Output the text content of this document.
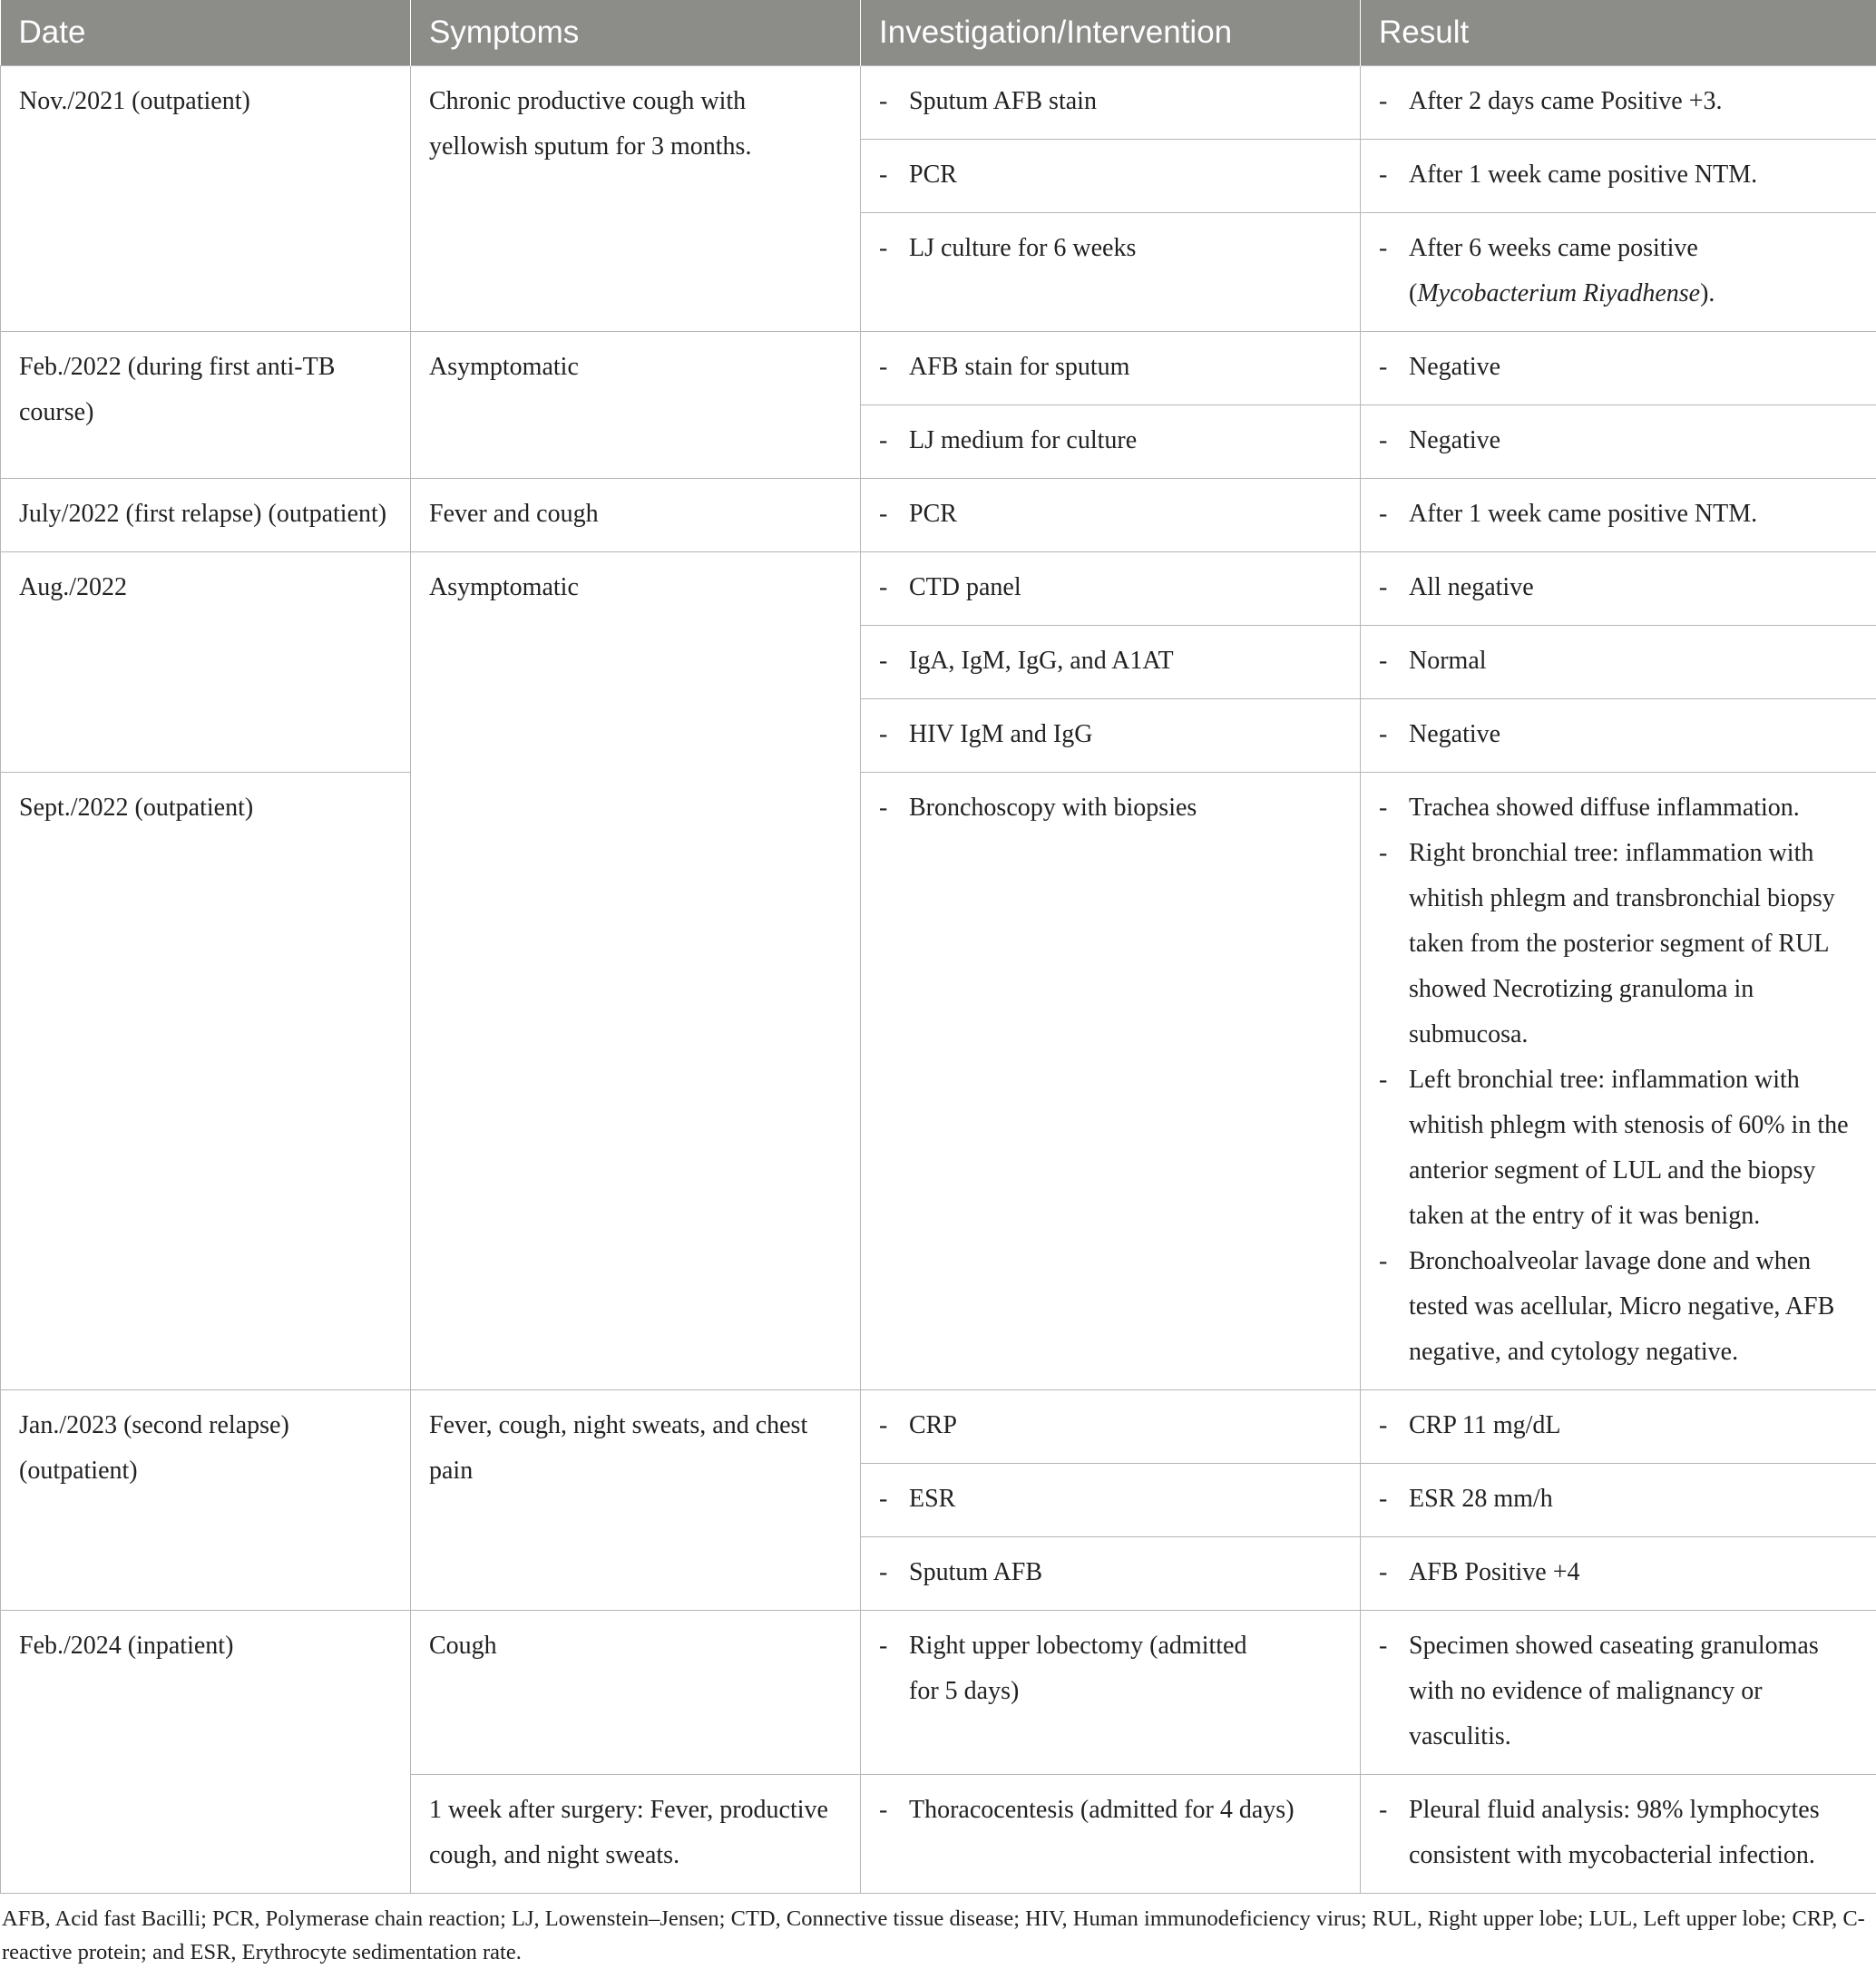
Date	Symptoms	Investigation/Intervention	Result
Nov./2021 (outpatient)	Chronic productive cough with yellowish sputum for 3 months.	- Sputum AFB stain	- After 2 days came Positive +3.
		- PCR	- After 1 week came positive NTM.
		- LJ culture for 6 weeks	- After 6 weeks came positive
(Mycobacterium Riyadhense).
Feb./2022 (during first anti-TB course)	Asymptomatic	- AFB stain for sputum	- Negative
		- LJ medium for culture	- Negative
July/2022 (first relapse) (outpatient)	Fever and cough	- PCR	- After 1 week came positive NTM.
Aug./2022	Asymptomatic	- CTD panel	- All negative
		- IgA, IgM, IgG, and A1AT	- Normal
		- HIV IgM and IgG	- Negative
Sept./2022 (outpatient)		- Bronchoscopy with biopsies	- Trachea showed diffuse inflammation.
- Right bronchial tree: inflammation with whitish phlegm and transbronchial biopsy taken from the posterior segment of RUL showed Necrotizing granuloma in submucosa.
- Left bronchial tree: inflammation with whitish phlegm with stenosis of 60% in the anterior segment of LUL and the biopsy taken at the entry of it was benign.
- Bronchoalveolar lavage done and when tested was acellular, Micro negative, AFB negative, and cytology negative.

Jan./2023 (second relapse) (outpatient)	Fever, cough, night sweats, and chest pain	- CRP	- CRP 11 mg/dL
		- ESR	- ESR 28 mm/h
		- Sputum AFB	- AFB Positive +4
Feb./2024 (inpatient)	Cough	- Right upper lobectomy (admitted for 5 days)	- Specimen showed caseating granulomas with no evidence of malignancy or vasculitis.
	1 week after surgery: Fever, productive cough, and night sweats.	- Thoracocentesis (admitted for 4 days)	- Pleural fluid analysis: 98% lymphocytes consistent with mycobacterial infection.
AFB, Acid fast Bacilli; PCR, Polymerase chain reaction; LJ, Lowenstein–Jensen; CTD, Connective tissue disease; HIV, Human immunodeficiency virus; RUL, Right upper lobe; LUL, Left upper lobe; CRP, C-reactive protein; and ESR, Erythrocyte sedimentation rate.
